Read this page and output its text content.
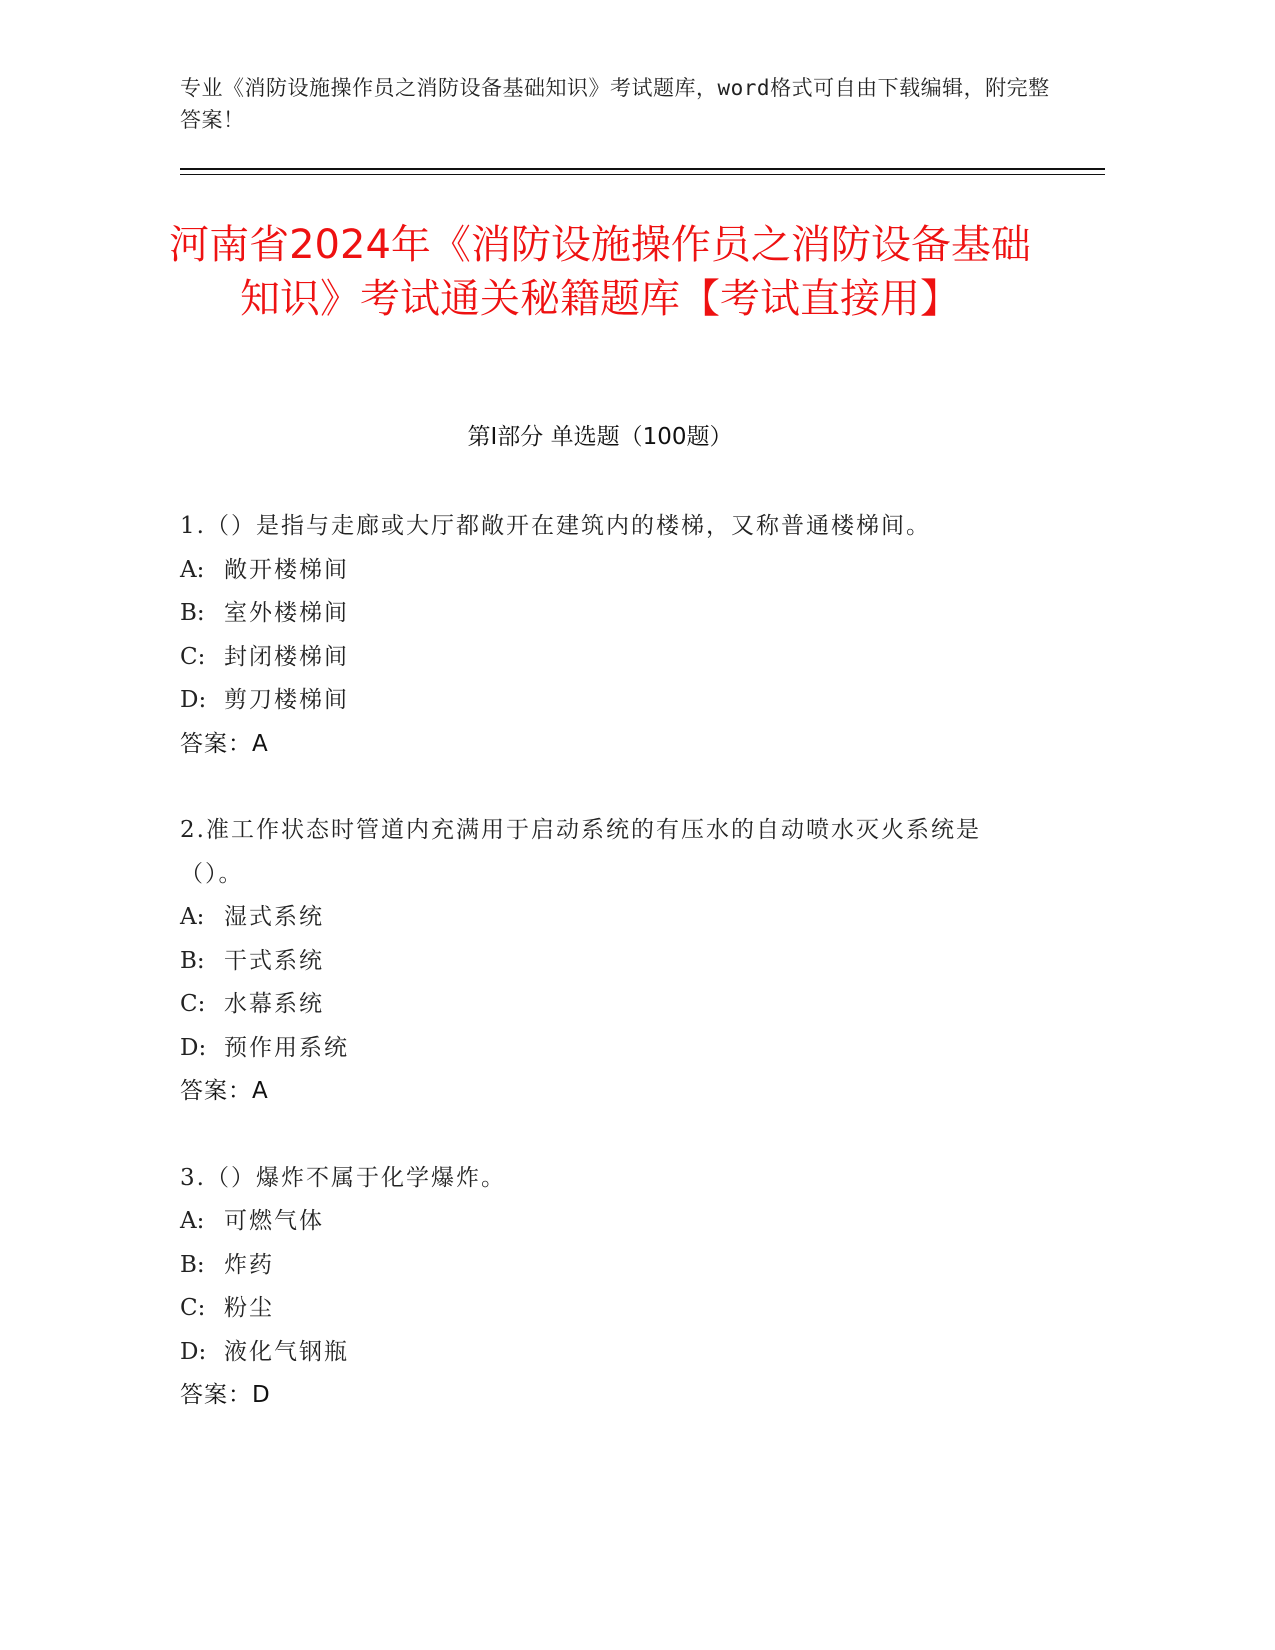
专业《消防设施操作员之消防设备基础知识》考试题库，word格式可自由下载编辑，附完整答案！
河南省2024年《消防设施操作员之消防设备基础知识》考试通关秘籍题库【考试直接用】
第Ⅰ部分 单选题（100题）
1.（）是指与走廊或大厅都敞开在建筑内的楼梯，又称普通楼梯间。
A: 敞开楼梯间
B: 室外楼梯间
C: 封闭楼梯间
D: 剪刀楼梯间
答案：A
2.准工作状态时管道内充满用于启动系统的有压水的自动喷水灭火系统是（）。
A: 湿式系统
B: 干式系统
C: 水幕系统
D: 预作用系统
答案：A
3.（）爆炸不属于化学爆炸。
A: 可燃气体
B: 炸药
C: 粉尘
D: 液化气钢瓶
答案：D
